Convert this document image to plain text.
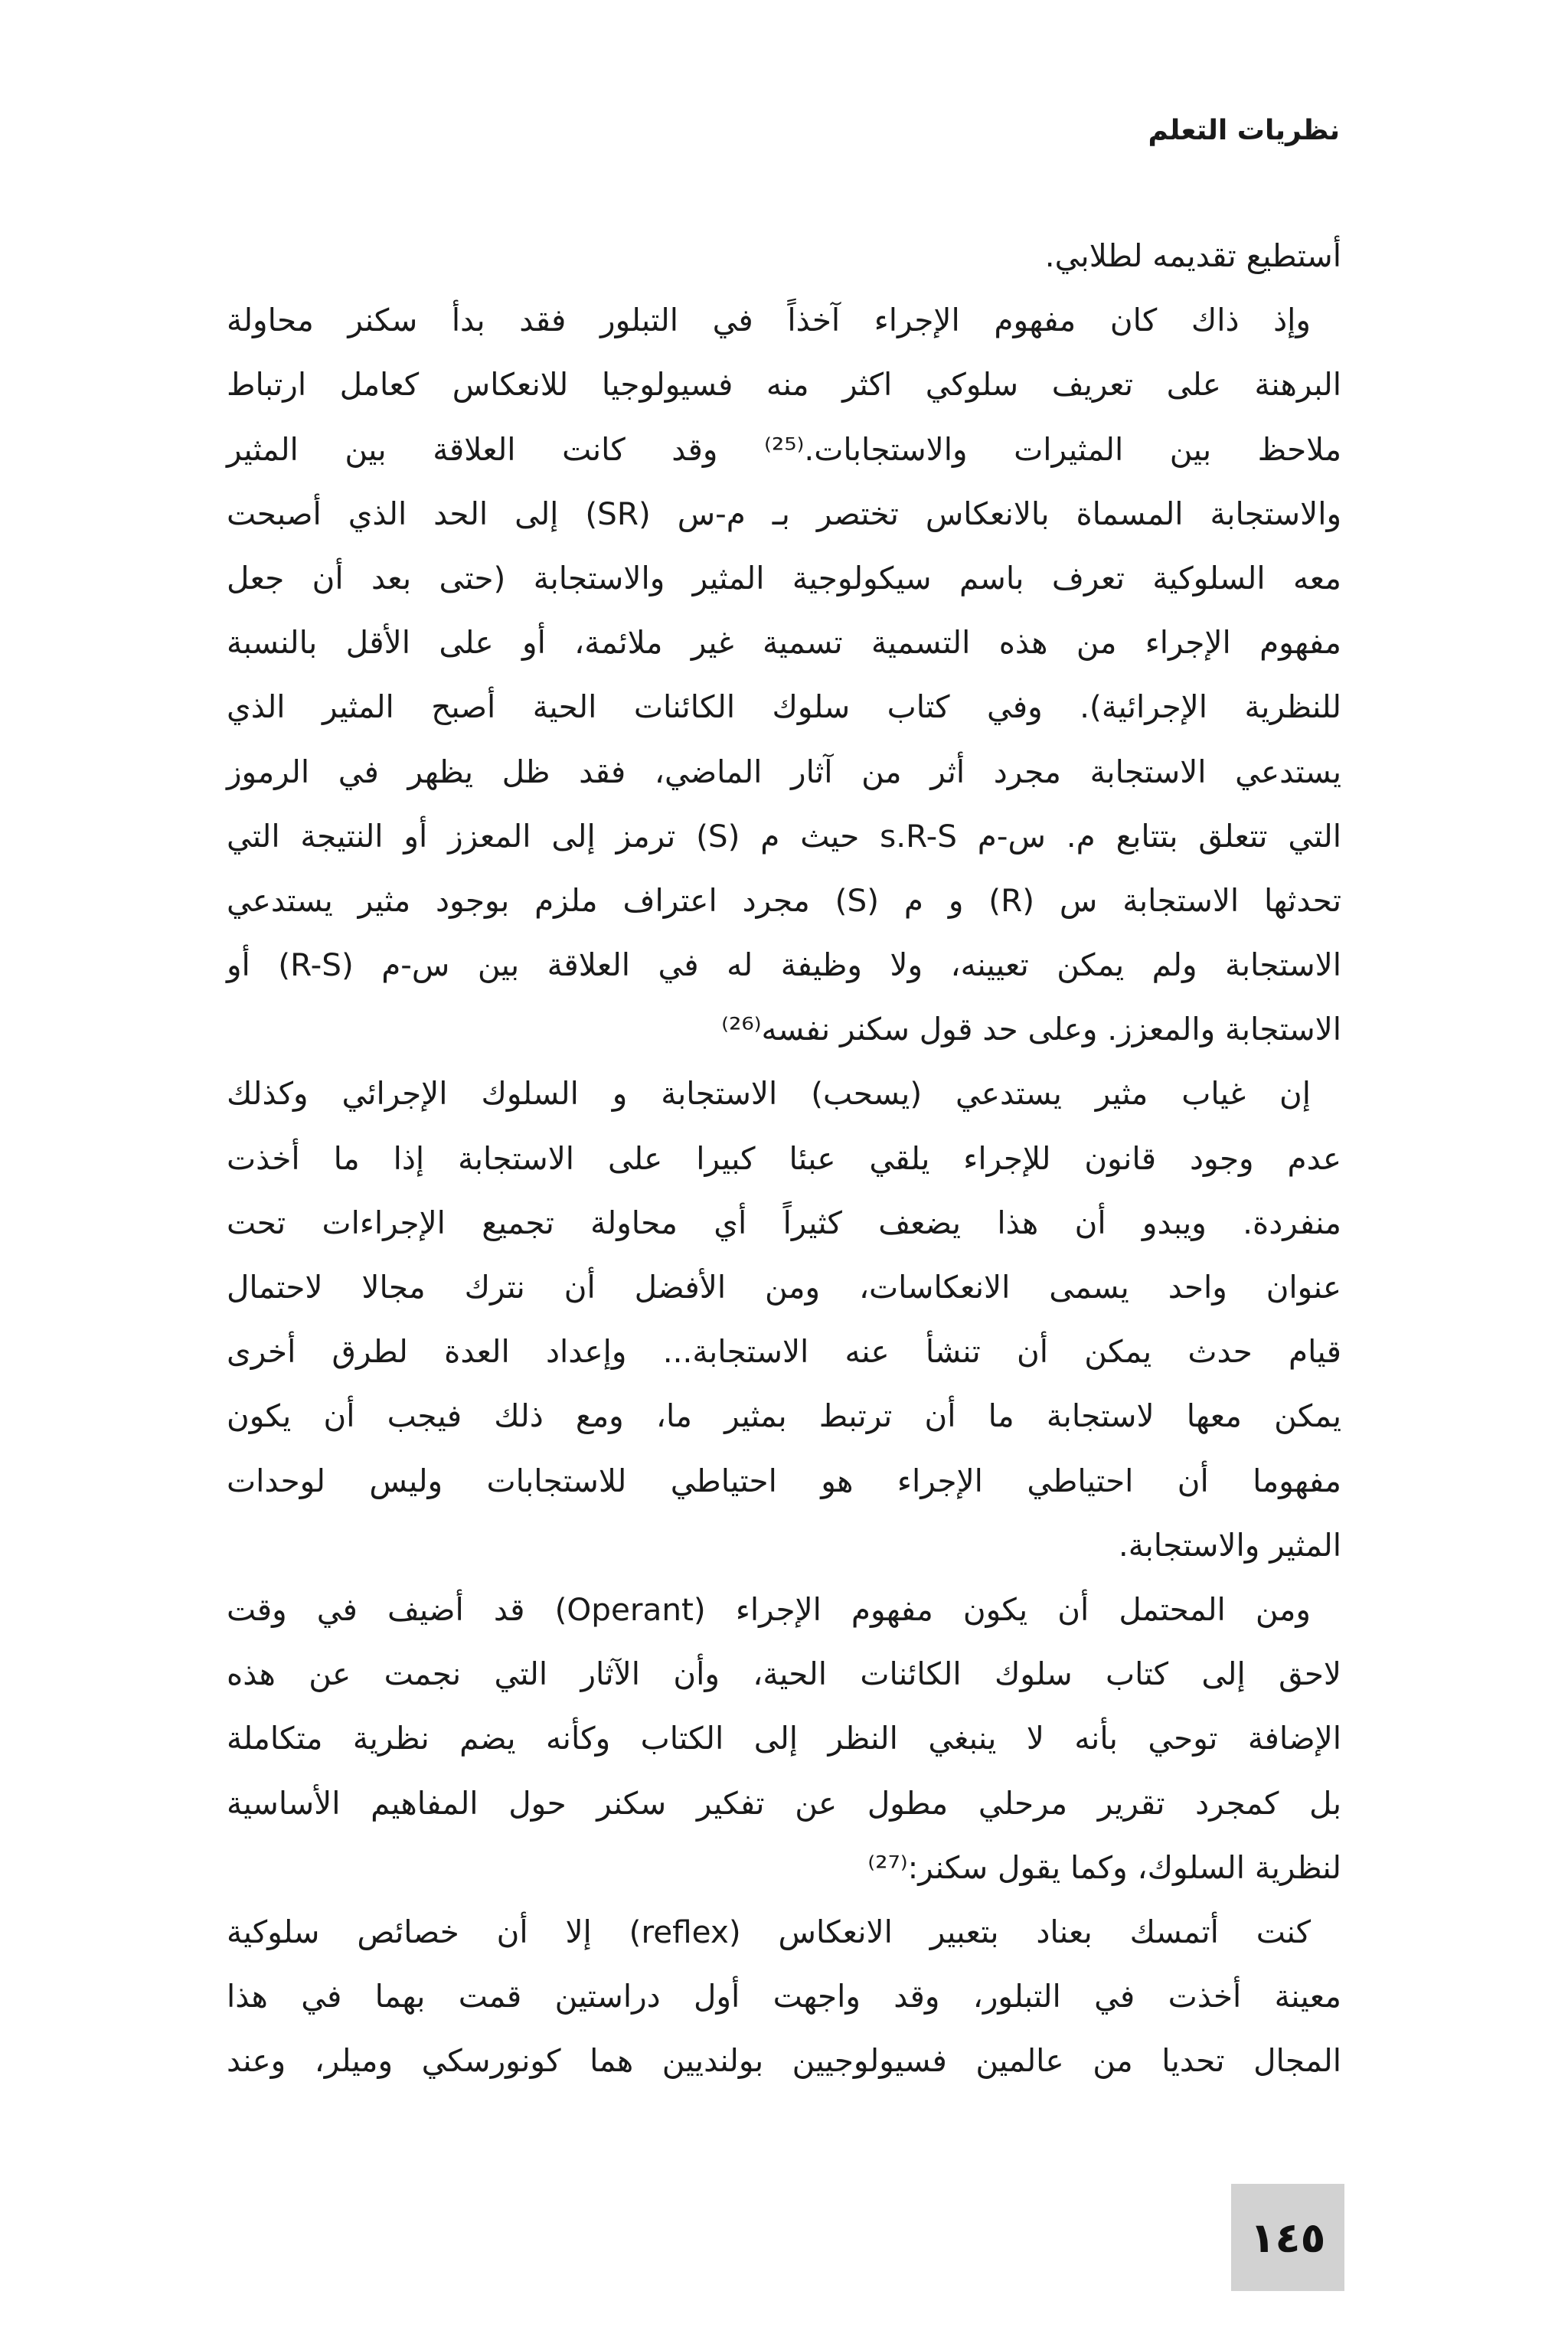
نظريات التعلم
أستطيع تقديمه لطلابي.
وإذ ذاك كان مفهوم الإجراء آخذاً في التبلور فقد بدأ سكنر محاولة
البرهنة على تعريف سلوكي اكثر منه فسيولوجيا للانعكاس كعامل ارتباط
ملاحظ بين المثيرات والاستجابات.⁽²⁵⁾ وقد كانت العلاقة بين المثير
والاستجابة المسماة بالانعكاس تختصر بـ م-س (SR) إلى الحد الذي أصبحت
معه السلوكية تعرف باسم سيكولوجية المثير والاستجابة (حتى بعد أن جعل
مفهوم الإجراء من هذه التسمية تسمية غير ملائمة، أو على الأقل بالنسبة
للنظرية الإجرائية). وفي كتاب سلوك الكائنات الحية أصبح المثير الذي
يستدعي الاستجابة مجرد أثر من آثار الماضي، فقد ظل يظهر في الرموز
التي تتعلق بتتابع م. س-م s.R-S حيث م (S) ترمز إلى المعزز أو النتيجة التي
تحدثها الاستجابة س (R) و م (S) مجرد اعتراف ملزم بوجود مثير يستدعي
الاستجابة ولم يمكن تعيينه، ولا وظيفة له في العلاقة بين س-م (R-S) أو
الاستجابة والمعزز. وعلى حد قول سكنر نفسه⁽²⁶⁾
إن غياب مثير يستدعي (يسحب) الاستجابة و السلوك الإجرائي وكذلك
عدم وجود قانون للإجراء يلقي عبئا كبيرا على الاستجابة إذا ما أخذت
منفردة. ويبدو أن هذا يضعف كثيراً أي محاولة تجميع الإجراءات تحت
عنوان واحد يسمى الانعكاسات، ومن الأفضل أن نترك مجالا لاحتمال
قيام حدث يمكن أن تنشأ عنه الاستجابة... وإعداد العدة لطرق أخرى
يمكن معها لاستجابة ما أن ترتبط بمثير ما، ومع ذلك فيجب أن يكون
مفهوما أن احتياطي الإجراء هو احتياطي للاستجابات وليس لوحدات
المثير والاستجابة.
ومن المحتمل أن يكون مفهوم الإجراء (Operant) قد أضيف في وقت
لاحق إلى كتاب سلوك الكائنات الحية، وأن الآثار التي نجمت عن هذه
الإضافة توحي بأنه لا ينبغي النظر إلى الكتاب وكأنه يضم نظرية متكاملة
بل كمجرد تقرير مرحلي مطول عن تفكير سكنر حول المفاهيم الأساسية
لنظرية السلوك، وكما يقول سكنر:⁽²⁷⁾
كنت أتمسك بعناد بتعبير الانعكاس (reflex) إلا أن خصائص سلوكية
معينة أخذت في التبلور، وقد واجهت أول دراستين قمت بهما في هذا
المجال تحديا من عالمين فسيولوجيين بولنديين هما كونورسكي وميلر، وعند
١٤٥
